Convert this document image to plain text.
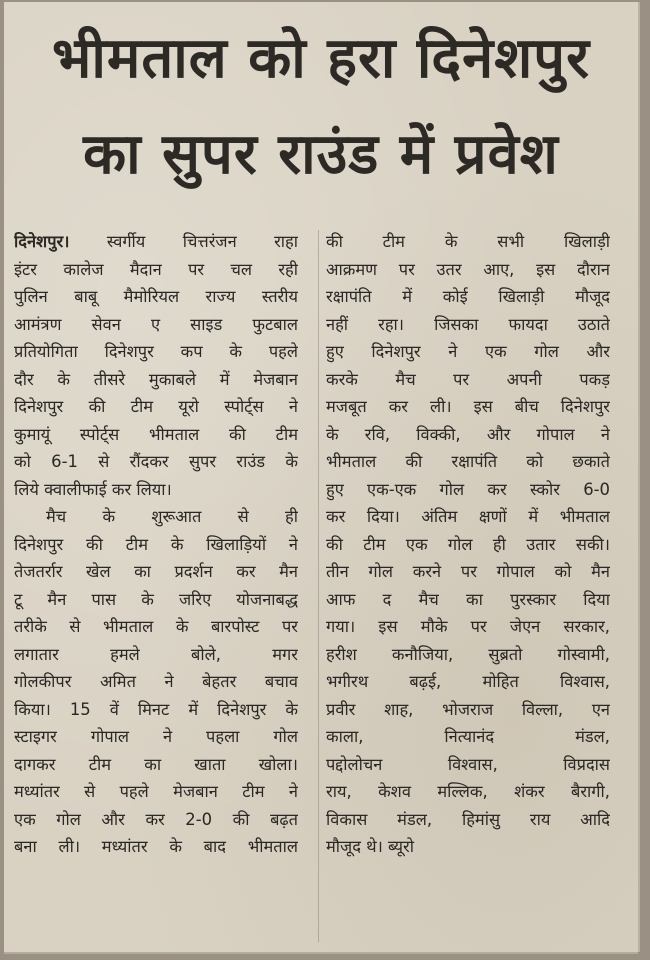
भीमताल को हरा दिनेशपुर
का सुपर राउंड में प्रवेश
दिनेशपुर। स्वर्गीय चित्तरंजन राहा
इंटर कालेज मैदान पर चल रही
पुलिन बाबू मैमोरियल राज्य स्तरीय
आमंत्रण सेवन ए साइड फुटबाल
प्रतियोगिता दिनेशपुर कप के पहले
दौर के तीसरे मुकाबले में मेजबान
दिनेशपुर की टीम यूरो स्पोर्ट्स ने
कुमायूं स्पोर्ट्स भीमताल की टीम
को 6-1 से रौंदकर सुपर राउंड के
लिये क्वालीफाई कर लिया।
मैच के शुरूआत से ही
दिनेशपुर की टीम के खिलाड़ियों ने
तेजतर्रार खेल का प्रदर्शन कर मैन
टू मैन पास के जरिए योजनाबद्ध
तरीके से भीमताल के बारपोस्ट पर
लगातार हमले बोले, मगर
गोलकीपर अमित ने बेहतर बचाव
किया। 15 वें मिनट में दिनेशपुर के
स्टाइगर गोपाल ने पहला गोल
दागकर टीम का खाता खोला।
मध्यांतर से पहले मेजबान टीम ने
एक गोल और कर 2-0 की बढ़त
बना ली। मध्यांतर के बाद भीमताल
की टीम के सभी खिलाड़ी
आक्रमण पर उतर आए, इस दौरान
रक्षापंति में कोई खिलाड़ी मौजूद
नहीं रहा। जिसका फायदा उठाते
हुए दिनेशपुर ने एक गोल और
करके मैच पर अपनी पकड़
मजबूत कर ली। इस बीच दिनेशपुर
के रवि, विक्की, और गोपाल ने
भीमताल की रक्षापंति को छकाते
हुए एक-एक गोल कर स्कोर 6-0
कर दिया। अंतिम क्षणों में भीमताल
की टीम एक गोल ही उतार सकी।
तीन गोल करने पर गोपाल को मैन
आफ द मैच का पुरस्कार दिया
गया। इस मौके पर जेएन सरकार,
हरीश कनौजिया, सुब्रतो गोस्वामी,
भगीरथ बढ़ई, मोहित विश्वास,
प्रवीर शाह, भोजराज विल्ला, एन
काला, नित्यानंद मंडल,
पद्दोलोचन विश्वास, विप्रदास
राय, केशव मल्लिक, शंकर बैरागी,
विकास मंडल, हिमांसु राय आदि
मौजूद थे। ब्यूरो
